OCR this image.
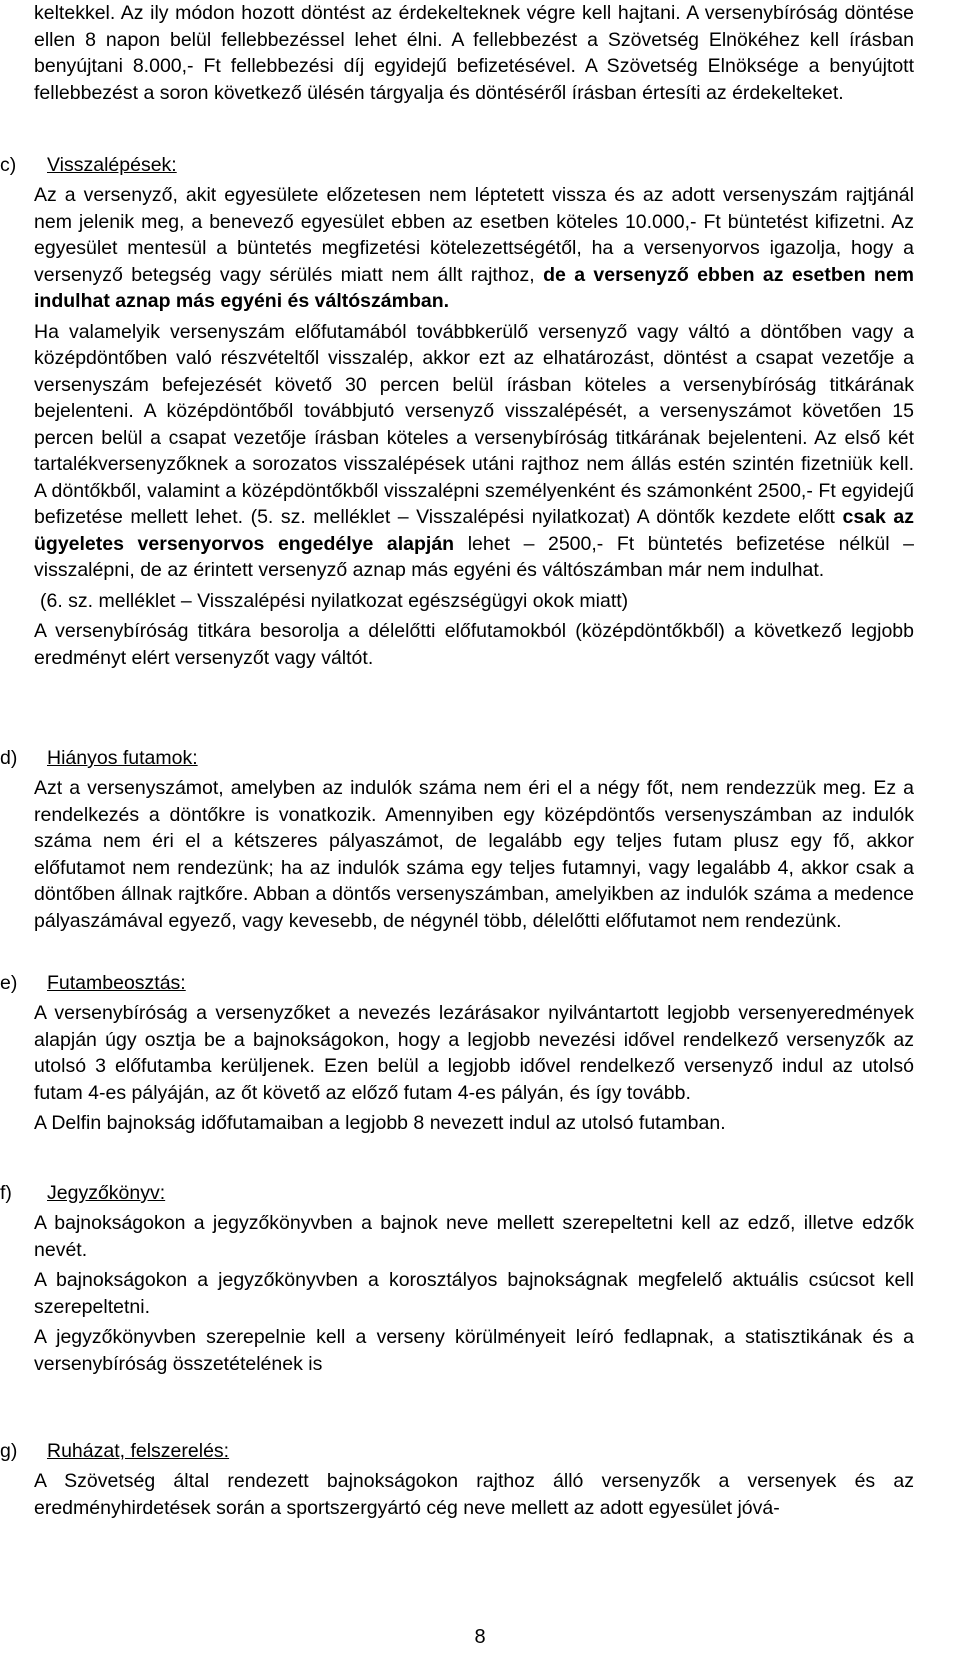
keltekkel. Az ily módon hozott döntést az érdekelteknek végre kell hajtani. A versenybíróság döntése ellen 8 napon belül fellebbezéssel lehet élni. A fellebbezést a Szövetség Elnökéhez kell írásban benyújtani 8.000,- Ft fellebbezési díj egyidejű befizetésével. A Szövetség Elnöksége a benyújtott fellebbezést a soron következő ülésén tárgyalja és döntéséről írásban értesíti az érdekelteket.

c) Visszalépések:

Az a versenyző, akit egyesülete előzetesen nem léptetett vissza és az adott versenyszám rajtjánál nem jelenik meg, a benevező egyesület ebben az esetben köteles 10.000,- Ft büntetést kifizetni. Az egyesület mentesül a büntetés megfizetési kötelezettségétől, ha a versenyorvos igazolja, hogy a versenyző betegség vagy sérülés miatt nem állt rajthoz, de a versenyző ebben az esetben nem indulhat aznap más egyéni és váltószámban.

Ha valamelyik versenyszám előfutamából továbbkerülő versenyző vagy váltó a döntőben vagy a középdöntőben való részvételtől visszalép, akkor ezt az elhatározást, döntést a csapat vezetője a versenyszám befejezését követő 30 percen belül írásban köteles a versenybíróság titkárának bejelenteni. A középdöntőből továbbjutó versenyző visszalépését, a versenyszámot követően 15 percen belül a csapat vezetője írásban köteles a versenybíróság titkárának bejelenteni. Az első két tartalékversenyzőknek a sorozatos visszalépések utáni rajthoz nem állás estén szintén fizetniük kell. A döntőkből, valamint a középdöntőkből visszalépni személyenként és számonként 2500,- Ft egyidejű befizetése mellett lehet. (5. sz. melléklet – Visszalépési nyilatkozat) A döntők kezdete előtt csak az ügyeletes versenyorvos engedélye alapján lehet – 2500,- Ft büntetés befizetése nélkül – visszalépni, de az érintett versenyző aznap más egyéni és váltószámban már nem indulhat.

(6. sz. melléklet – Visszalépési nyilatkozat egészségügyi okok miatt)

A versenybíróság titkára besorolja a délelőtti előfutamokból (középdöntőkből) a következő legjobb eredményt elért versenyzőt vagy váltót.

d) Hiányos futamok:

Azt a versenyszámot, amelyben az indulók száma nem éri el a négy főt, nem rendezzük meg. Ez a rendelkezés a döntőkre is vonatkozik. Amennyiben egy középdöntős versenyszámban az indulók száma nem éri el a kétszeres pályaszámot, de legalább egy teljes futam plusz egy fő, akkor előfutamot nem rendezünk; ha az indulók száma egy teljes futamnyi, vagy legalább 4, akkor csak a döntőben állnak rajtkőre. Abban a döntős versenyszámban, amelyikben az indulók száma a medence pályaszámával egyező, vagy kevesebb, de négynél több, délelőtti előfutamot nem rendezünk.

e) Futambeosztás:

A versenybíróság a versenyzőket a nevezés lezárásakor nyilvántartott legjobb versenyeredmények alapján úgy osztja be a bajnokságokon, hogy a legjobb nevezési idővel rendelkező versenyzők az utolsó 3 előfutamba kerüljenek. Ezen belül a legjobb idővel rendelkező versenyző indul az utolsó futam 4-es pályáján, az őt követő az előző futam 4-es pályán, és így tovább.

A Delfin bajnokság időfutamaiban a legjobb 8 nevezett indul az utolsó futamban.

f) Jegyzőkönyv:

A bajnokságokon a jegyzőkönyvben a bajnok neve mellett szerepeltetni kell az edző, illetve edzők nevét.

A bajnokságokon a jegyzőkönyvben a korosztályos bajnokságnak megfelelő aktuális csúcsot kell szerepeltetni.

A jegyzőkönyvben szerepelnie kell a verseny körülményeit leíró fedlapnak, a statisztikának és a versenybíróság összetételének is

g) Ruházat, felszerelés:

A Szövetség által rendezett bajnokságokon rajthoz álló versenyzők a versenyek és az eredményhirdetések során a sportszergyártó cég neve mellett az adott egyesület jóvá-

8
